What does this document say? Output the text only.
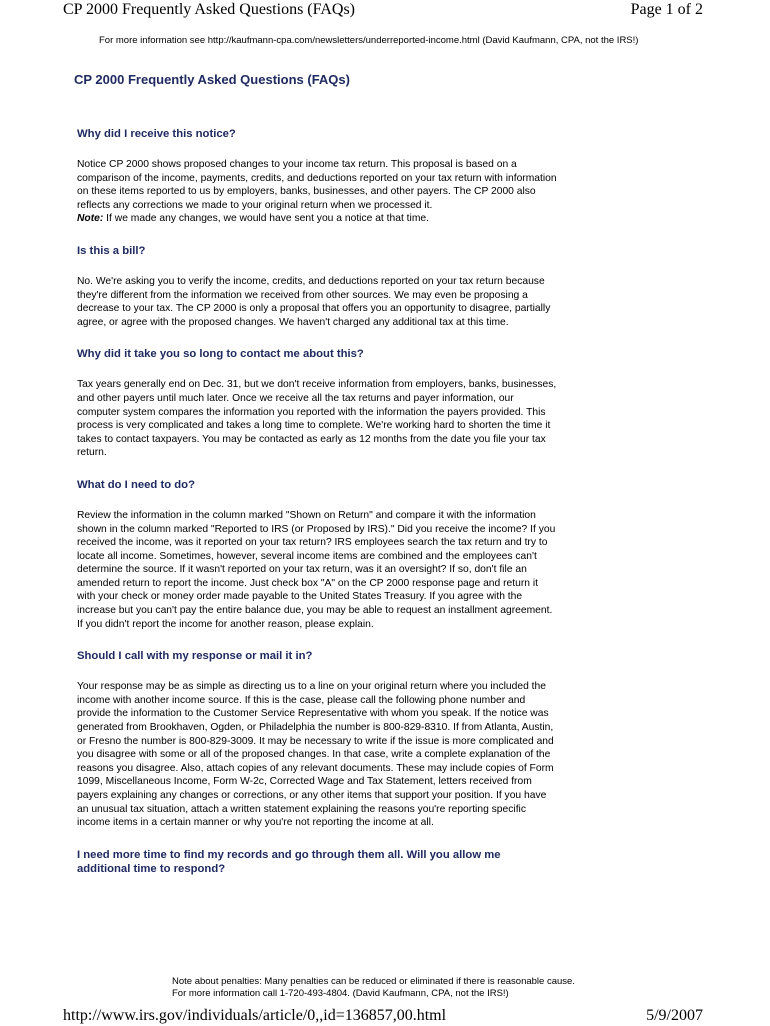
CP 2000 Frequently Asked Questions (FAQs)	Page 1 of 2
For more information see http://kaufmann-cpa.com/newsletters/underreported-income.html (David Kaufmann, CPA, not the IRS!)
CP 2000 Frequently Asked Questions (FAQs)
Why did I receive this notice?
Notice CP 2000 shows proposed changes to your income tax return. This proposal is based on a comparison of the income, payments, credits, and deductions reported on your tax return with information on these items reported to us by employers, banks, businesses, and other payers. The CP 2000 also reflects any corrections we made to your original return when we processed it.
Note: If we made any changes, we would have sent you a notice at that time.
Is this a bill?
No. We're asking you to verify the income, credits, and deductions reported on your tax return because they're different from the information we received from other sources. We may even be proposing a decrease to your tax. The CP 2000 is only a proposal that offers you an opportunity to disagree, partially agree, or agree with the proposed changes. We haven't charged any additional tax at this time.
Why did it take you so long to contact me about this?
Tax years generally end on Dec. 31, but we don't receive information from employers, banks, businesses, and other payers until much later. Once we receive all the tax returns and payer information, our computer system compares the information you reported with the information the payers provided. This process is very complicated and takes a long time to complete. We're working hard to shorten the time it takes to contact taxpayers. You may be contacted as early as 12 months from the date you file your tax return.
What do I need to do?
Review the information in the column marked "Shown on Return" and compare it with the information shown in the column marked "Reported to IRS (or Proposed by IRS)." Did you receive the income? If you received the income, was it reported on your tax return? IRS employees search the tax return and try to locate all income. Sometimes, however, several income items are combined and the employees can't determine the source. If it wasn't reported on your tax return, was it an oversight? If so, don't file an amended return to report the income. Just check box "A" on the CP 2000 response page and return it with your check or money order made payable to the United States Treasury. If you agree with the increase but you can't pay the entire balance due, you may be able to request an installment agreement. If you didn't report the income for another reason, please explain.
Should I call with my response or mail it in?
Your response may be as simple as directing us to a line on your original return where you included the income with another income source. If this is the case, please call the following phone number and provide the information to the Customer Service Representative with whom you speak. If the notice was generated from Brookhaven, Ogden, or Philadelphia the number is 800-829-8310. If from Atlanta, Austin, or Fresno the number is 800-829-3009. It may be necessary to write if the issue is more complicated and you disagree with some or all of the proposed changes. In that case, write a complete explanation of the reasons you disagree. Also, attach copies of any relevant documents. These may include copies of Form 1099, Miscellaneous Income, Form W-2c, Corrected Wage and Tax Statement, letters received from payers explaining any changes or corrections, or any other items that support your position. If you have an unusual tax situation, attach a written statement explaining the reasons you're reporting specific income items in a certain manner or why you're not reporting the income at all.
I need more time to find my records and go through them all. Will you allow me additional time to respond?
Note about penalties: Many penalties can be reduced or eliminated if there is reasonable cause.
For more information call 1-720-493-4804. (David Kaufmann, CPA, not the IRS!)
http://www.irs.gov/individuals/article/0,,id=136857,00.html	5/9/2007
